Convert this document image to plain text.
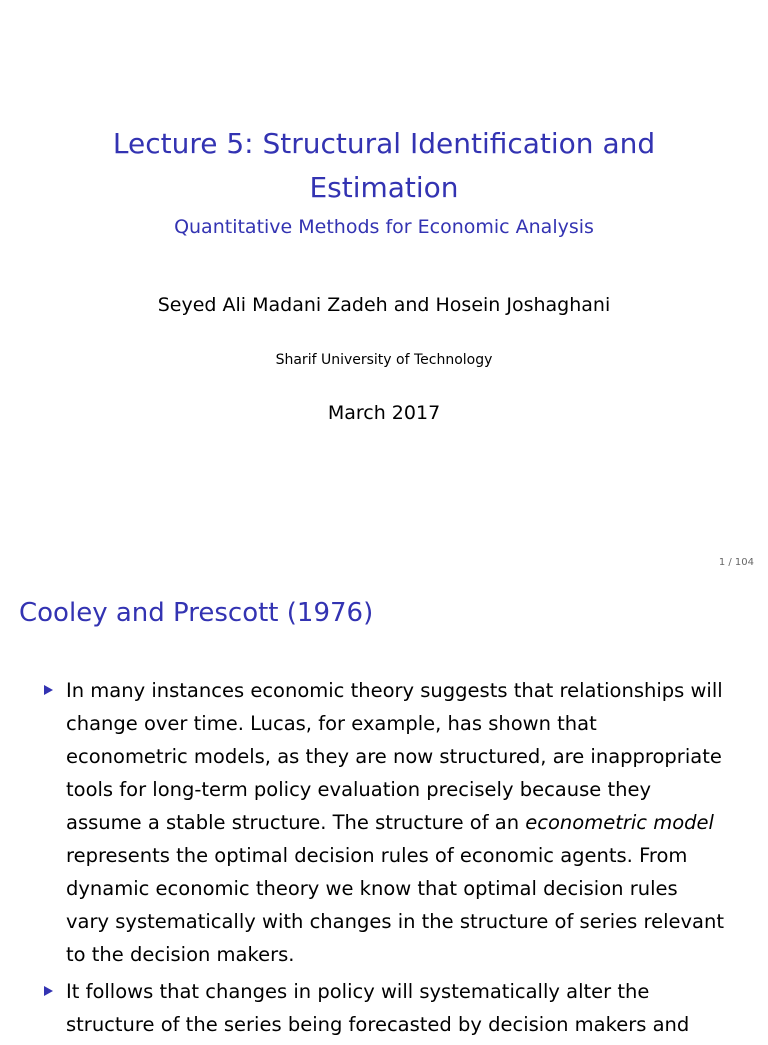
Lecture 5: Structural Identification and Estimation
Quantitative Methods for Economic Analysis
Seyed Ali Madani Zadeh and Hosein Joshaghani
Sharif University of Technology
March 2017
1 / 104
Cooley and Prescott (1976)
In many instances economic theory suggests that relationships will change over time. Lucas, for example, has shown that econometric models, as they are now structured, are inappropriate tools for long-term policy evaluation precisely because they assume a stable structure. The structure of an econometric model represents the optimal decision rules of economic agents. From dynamic economic theory we know that optimal decision rules vary systematically with changes in the structure of series relevant to the decision makers.
It follows that changes in policy will systematically alter the structure of the series being forecasted by decision makers and
